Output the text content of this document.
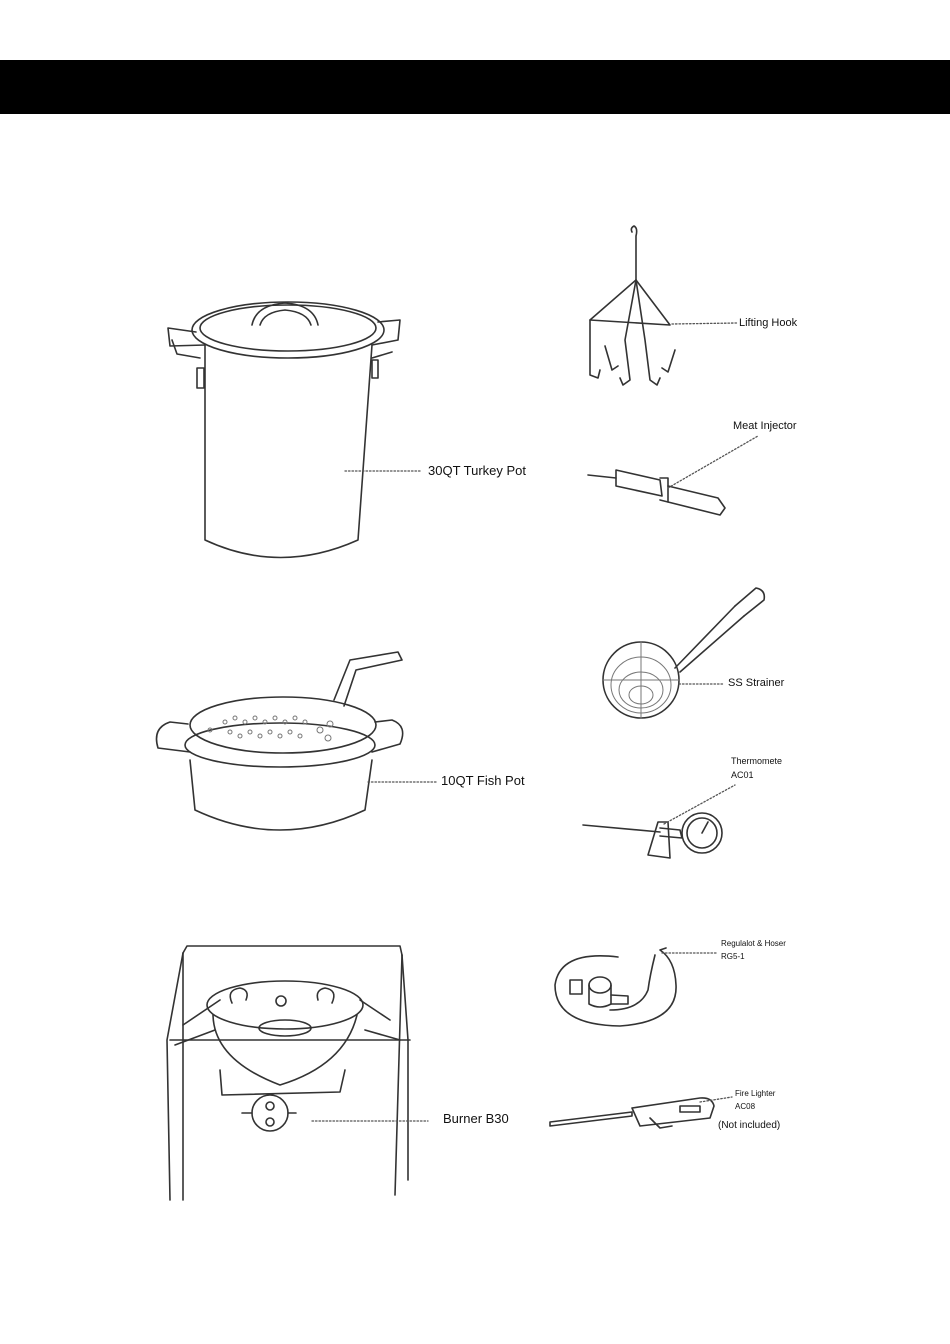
30QT Turkey Pot
10QT Fish Pot
Burner B30
Lifting Hook
Meat Injector
SS Strainer
Thermomete
AC01
Regulalot & Hoser
RG5-1
Fire Lighter
AC08
(Not included)
